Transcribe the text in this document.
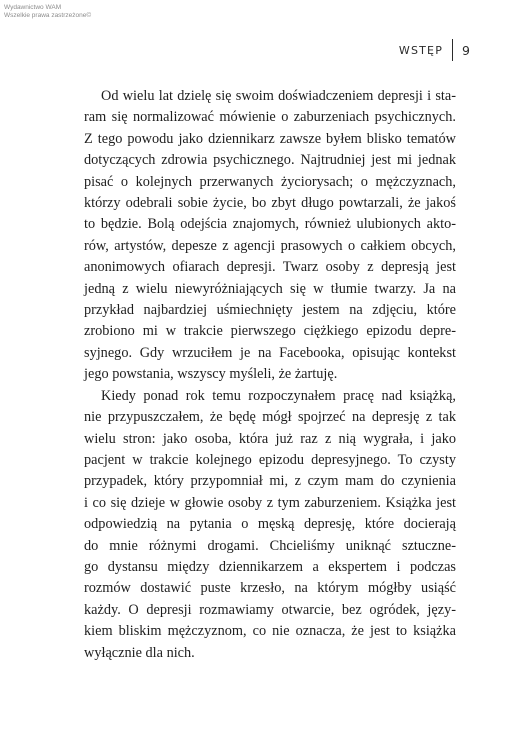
Wydawnictwo WAM
Wszelkie prawa zastrzeżone©
WSTĘP 9
Od wielu lat dzielę się swoim doświadczeniem depresji i sta-
ram się normalizować mówienie o zaburzeniach psychicznych.
Z tego powodu jako dziennikarz zawsze byłem blisko tematów
dotyczących zdrowia psychicznego. Najtrudniej jest mi jednak
pisać o kolejnych przerwanych życiorysach; o mężczyznach,
którzy odebrali sobie życie, bo zbyt długo powtarzali, że jakoś
to będzie. Bolą odejścia znajomych, również ulubionych akto-
rów, artystów, depesze z agencji prasowych o całkiem obcych,
anonimowych ofiarach depresji. Twarz osoby z depresją jest
jedną z wielu niewyróżniających się w tłumie twarzy. Ja na
przykład najbardziej uśmiechnięty jestem na zdjęciu, które
zrobiono mi w trakcie pierwszego ciężkiego epizodu depre-
syjnego. Gdy wrzuciłem je na Facebooka, opisując kontekst
jego powstania, wszyscy myśleli, że żartuję.
Kiedy ponad rok temu rozpoczynałem pracę nad książką,
nie przypuszczałem, że będę mógł spojrzeć na depresję z tak
wielu stron: jako osoba, która już raz z nią wygrała, i jako
pacjent w trakcie kolejnego epizodu depresyjnego. To czysty
przypadek, który przypomniał mi, z czym mam do czynienia
i co się dzieje w głowie osoby z tym zaburzeniem. Książka jest
odpowiedzią na pytania o męską depresję, które docierają
do mnie różnymi drogami. Chcieliśmy uniknąć sztuczne-
go dystansu między dziennikarzem a ekspertem i podczas
rozmów dostawić puste krzesło, na którym mógłby usiąść
każdy. O depresji rozmawiamy otwarcie, bez ogródek, języ-
kiem bliskim mężczyznom, co nie oznacza, że jest to książka
wyłącznie dla nich.
